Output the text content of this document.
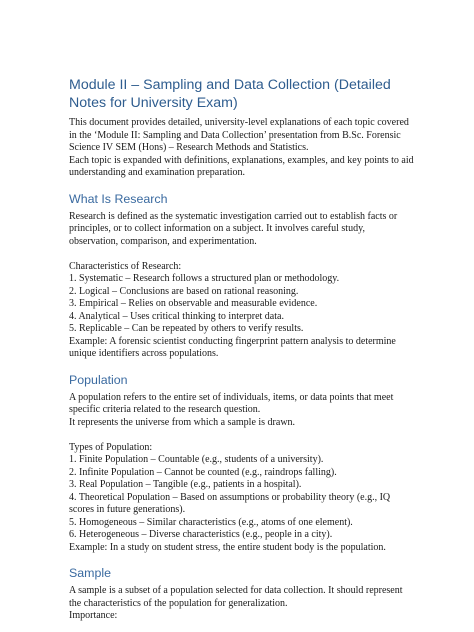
Module II – Sampling and Data Collection (Detailed Notes for University Exam)

This document provides detailed, university-level explanations of each topic covered in the ‘Module II: Sampling and Data Collection’ presentation from B.Sc. Forensic Science IV SEM (Hons) – Research Methods and Statistics.
Each topic is expanded with definitions, explanations, examples, and key points to aid understanding and examination preparation.

What Is Research

Research is defined as the systematic investigation carried out to establish facts or principles, or to collect information on a subject. It involves careful study, observation, comparison, and experimentation.

Characteristics of Research:
1. Systematic – Research follows a structured plan or methodology.
2. Logical – Conclusions are based on rational reasoning.
3. Empirical – Relies on observable and measurable evidence.
4. Analytical – Uses critical thinking to interpret data.
5. Replicable – Can be repeated by others to verify results.
Example: A forensic scientist conducting fingerprint pattern analysis to determine unique identifiers across populations.

Population

A population refers to the entire set of individuals, items, or data points that meet specific criteria related to the research question.
It represents the universe from which a sample is drawn.

Types of Population:
1. Finite Population – Countable (e.g., students of a university).
2. Infinite Population – Cannot be counted (e.g., raindrops falling).
3. Real Population – Tangible (e.g., patients in a hospital).
4. Theoretical Population – Based on assumptions or probability theory (e.g., IQ scores in future generations).
5. Homogeneous – Similar characteristics (e.g., atoms of one element).
6. Heterogeneous – Diverse characteristics (e.g., people in a city).
Example: In a study on student stress, the entire student body is the population.

Sample

A sample is a subset of a population selected for data collection. It should represent the characteristics of the population for generalization.
Importance:
